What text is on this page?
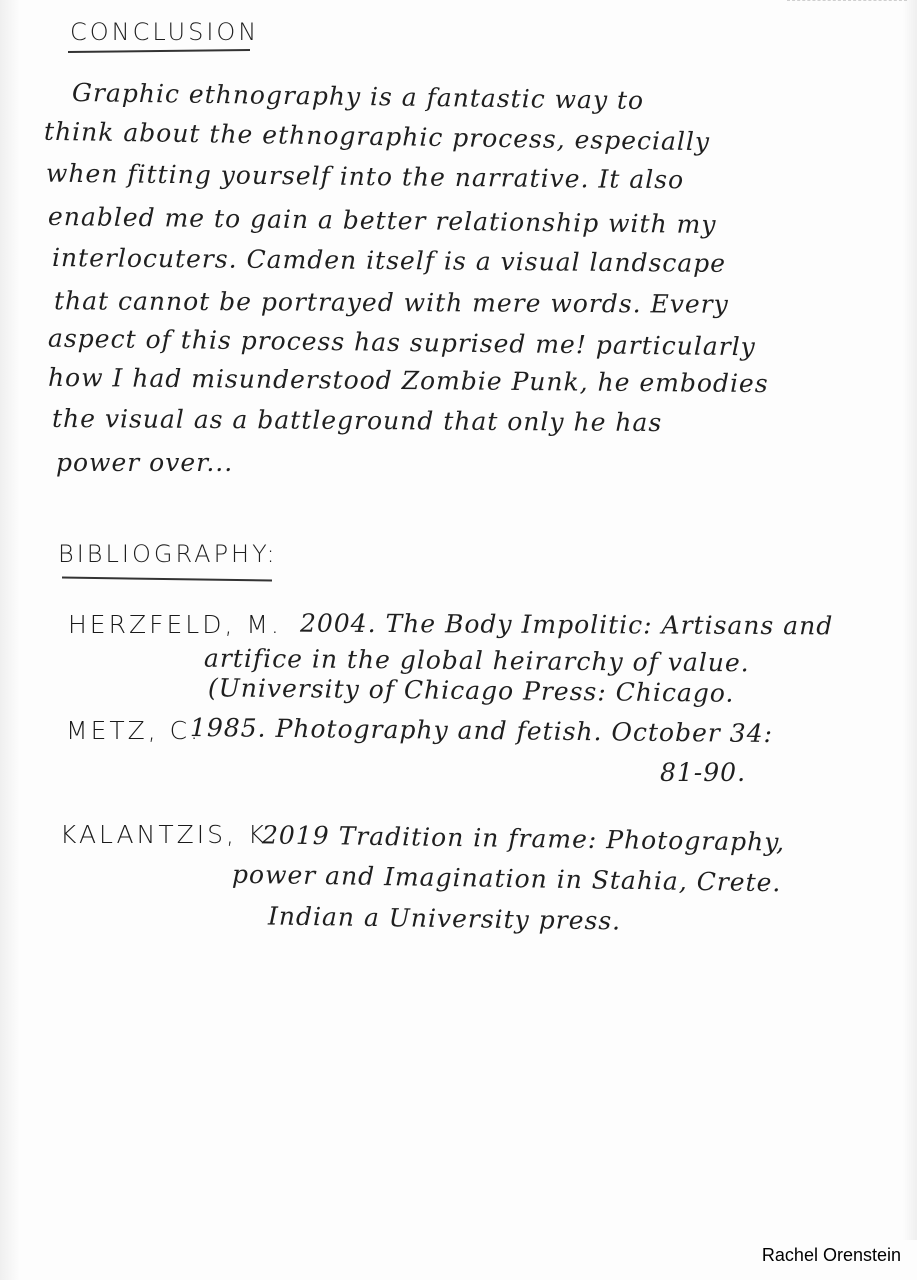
CONCLUSION
Graphic ethnography is a fantastic way to
think about the ethnographic process, especially
when fitting yourself into the narrative. It also
enabled me to gain a better relationship with my
interlocuters. Camden itself is a visual landscape
that cannot be portrayed with mere words. Every
aspect of this process has suprised me! particularly
how I had misunderstood Zombie Punk, he embodies
the visual as a battleground that only he has
power over...
BIBLIOGRAPHY:
HERZFELD, M. 2004. The Body Impolitic: Artisans and
artifice in the global heirarchy of value.
(University of Chicago Press: Chicago.
METZ, C.
1985. Photography and fetish. October 34:
81-90.
KALANTZIS, K.
2019 Tradition in frame: Photography,
power and Imagination in Stahia, Crete.
Indian a University press.
Rachel Orenstein
